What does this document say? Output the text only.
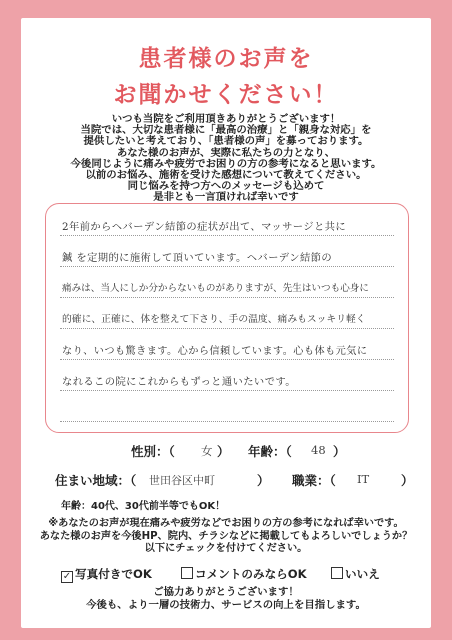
患者様のお声を
お聞かせください！
いつも当院をご利用頂きありがとうございます！
当院では、大切な患者様に「最高の治療」と「親身な対応」を
提供したいと考えており、「患者様の声」を募っております。
あなた様のお声が、実際に私たちの力となり、
今後同じように痛みや疲労でお困りの方の参考になると思います。
以前のお悩み、施術を受けた感想について教えてください。
同じ悩みを持つ方へのメッセージも込めて
是非とも一言頂ければ幸いです
2年前からヘバーデン結節の症状が出て、マッサージと共に
鍼 を定期的に施術して頂いています。ヘバーデン結節の
痛みは、当人にしか分からないものがありますが、先生はいつも心身に
的確に、正確に、体を整えて下さり、手の温度、痛みもスッキリ軽く
なり、いつも驚きます。心から信頼しています。心も体も元気に
なれるこの院にこれからもずっと通いたいです。
性別：（ 女 ） 年齢：（ 48 ）
住まい地域：（ 世田谷区中町	） 職業：（ IT	）
年齢：40代、30代前半等でもOK！
※あなたのお声が現在痛みや疲労などでお困りの方の参考になれば幸いです。
あなた様のお声を今後HP、院内、チラシなどに掲載してもよろしいでしょうか？
以下にチェックを付けてください。
✓ 写真付きでOK	コメントのみならOK	いいえ
ご協力ありがとうございます！
今後も、より一層の技術力、サービスの向上を目指します。
